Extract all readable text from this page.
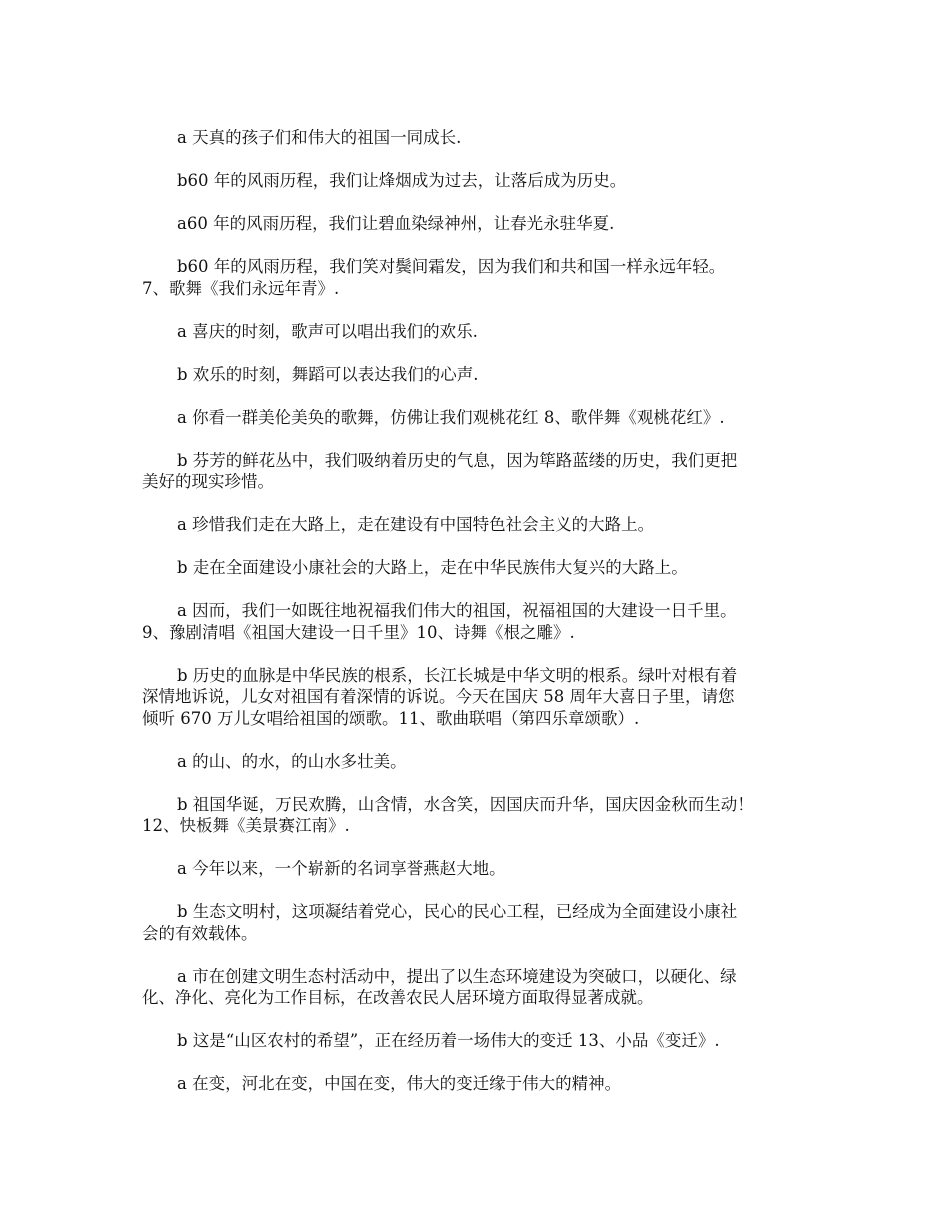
a 天真的孩子们和伟大的祖国一同成长.

b60 年的风雨历程，我们让烽烟成为过去，让落后成为历史。

a60 年的风雨历程，我们让碧血染绿神州，让春光永驻华夏.

b60 年的风雨历程，我们笑对鬓间霜发，因为我们和共和国一样永远年轻。
7、歌舞《我们永远年青》.

a 喜庆的时刻，歌声可以唱出我们的欢乐.

b 欢乐的时刻，舞蹈可以表达我们的心声.

a 你看一群美伦美奂的歌舞，仿佛让我们观桃花红 8、歌伴舞《观桃花红》.

b 芬芳的鲜花丛中，我们吸纳着历史的气息，因为筚路蓝缕的历史，我们更把
美好的现实珍惜。

a 珍惜我们走在大路上，走在建设有中国特色社会主义的大路上。

b 走在全面建设小康社会的大路上，走在中华民族伟大复兴的大路上。

a 因而，我们一如既往地祝福我们伟大的祖国，祝福祖国的大建设一日千里。
9、豫剧清唱《祖国大建设一日千里》10、诗舞《根之雕》.

b 历史的血脉是中华民族的根系，长江长城是中华文明的根系。绿叶对根有着
深情地诉说，儿女对祖国有着深情的诉说。今天在国庆 58 周年大喜日子里，请您
倾听 670 万儿女唱给祖国的颂歌。11、歌曲联唱（第四乐章颂歌）.

a 的山、的水，的山水多壮美。

b 祖国华诞，万民欢腾，山含情，水含笑，因国庆而升华，国庆因金秋而生动！
12、快板舞《美景赛江南》.

a 今年以来，一个崭新的名词享誉燕赵大地。

b 生态文明村，这项凝结着党心，民心的民心工程，已经成为全面建设小康社
会的有效载体。

a 市在创建文明生态村活动中，提出了以生态环境建设为突破口，以硬化、绿
化、净化、亮化为工作目标，在改善农民人居环境方面取得显著成就。

b 这是“山区农村的希望”，正在经历着一场伟大的变迁 13、小品《变迁》.

a 在变，河北在变，中国在变，伟大的变迁缘于伟大的精神。
